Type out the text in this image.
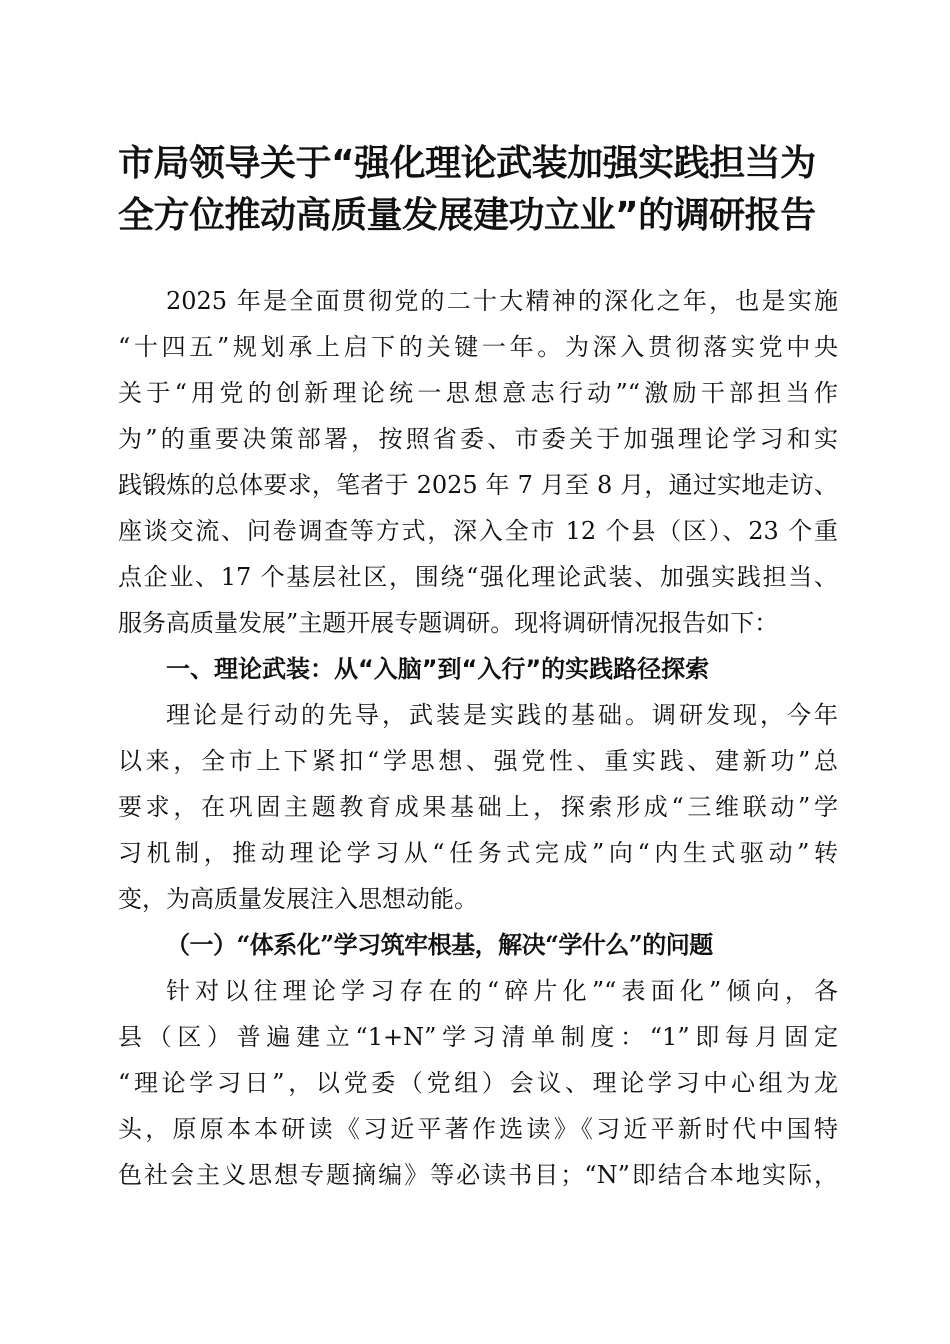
市局领导关于“强化理论武装加强实践担当为
全方位推动高质量发展建功立业”的调研报告
2025 年是全面贯彻党的二十大精神的深化之年，也是实施
“十四五”规划承上启下的关键一年。为深入贯彻落实党中央
关于“用党的创新理论统一思想意志行动”“激励干部担当作
为”的重要决策部署，按照省委、市委关于加强理论学习和实
践锻炼的总体要求，笔者于 2025 年 7 月至 8 月，通过实地走访、
座谈交流、问卷调查等方式，深入全市 12 个县（区）、23 个重
点企业、17 个基层社区，围绕“强化理论武装、加强实践担当、
服务高质量发展”主题开展专题调研。现将调研情况报告如下：
一、理论武装：从“入脑”到“入行”的实践路径探索
理论是行动的先导，武装是实践的基础。调研发现，今年
以来，全市上下紧扣“学思想、强党性、重实践、建新功”总
要求，在巩固主题教育成果基础上，探索形成“三维联动”学
习机制，推动理论学习从“任务式完成”向“内生式驱动”转
变，为高质量发展注入思想动能。
（一）“体系化”学习筑牢根基，解决“学什么”的问题
针对以往理论学习存在的“碎片化”“表面化”倾向，各
县（区）普遍建立“1+N”学习清单制度：“1”即每月固定
“理论学习日”，以党委（党组）会议、理论学习中心组为龙
头，原原本本研读《习近平著作选读》《习近平新时代中国特
色社会主义思想专题摘编》等必读书目；“N”即结合本地实际，
